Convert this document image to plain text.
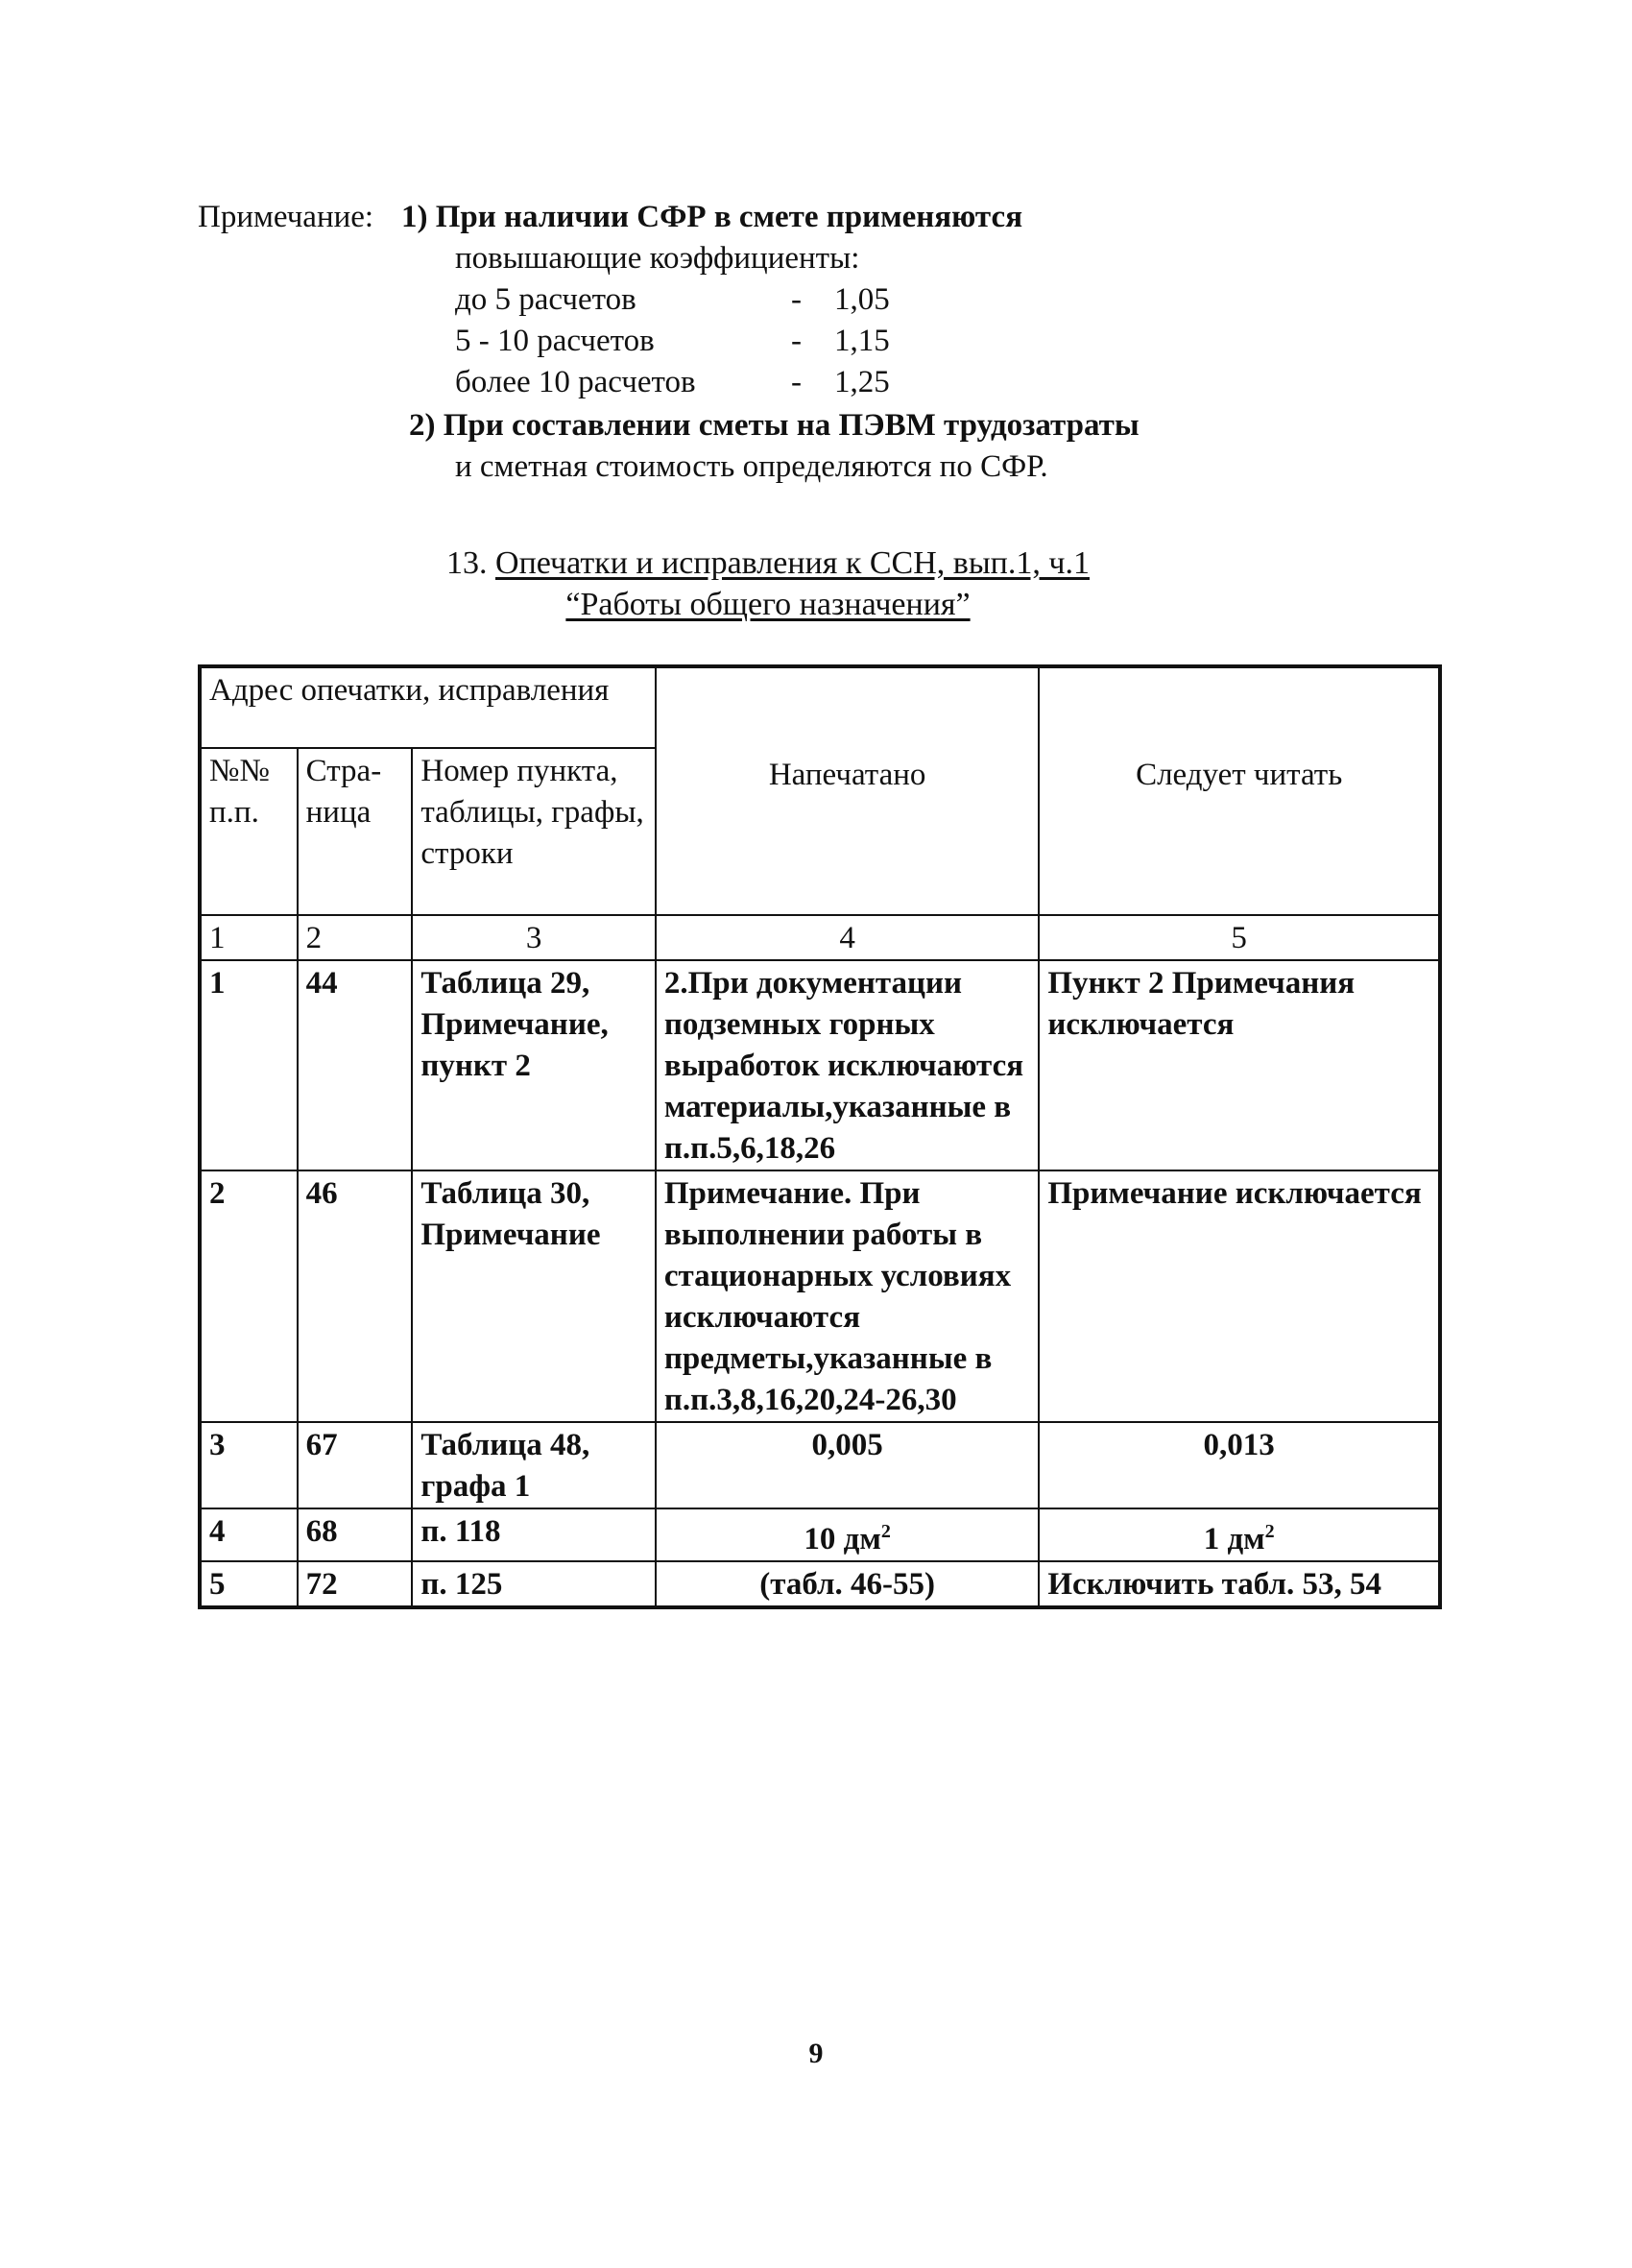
Примечание: 1) При наличии СФР в смете применяются
повышающие коэффициенты:
до 5 расчетов	- 1,05
5 - 10 расчетов	- 1,15
более 10 расчетов	- 1,25
2) При составлении сметы на ПЭВМ трудозатраты
и сметная стоимость определяются по СФР.
13. Опечатки и исправления к ССН, вып.1, ч.1
“Работы общего назначения”
Адрес опечатки, исправления			Напечатано	Следует читать
№№ п.п.	Стра- ница	Номер пункта, таблицы, графы, строки		
1	2	3	4	5
1	44	Таблица 29, Примечание, пункт 2	2.При документации подземных горных выработок исключаются материалы,указанные в п.п.5,6,18,26	Пункт 2 Примечания исключается
2	46	Таблица 30, Примечание	Примечание. При выполнении работы в стационарных условиях исключаются предметы,указанные в п.п.3,8,16,20,24-26,30	Примечание исключается
3	67	Таблица 48, графа 1	0,005	0,013
4	68	п. 118	10 $дм^2$	1 $дм^2$
5	72	п. 125	(табл. 46-55)	Исключить табл. 53, 54
9
